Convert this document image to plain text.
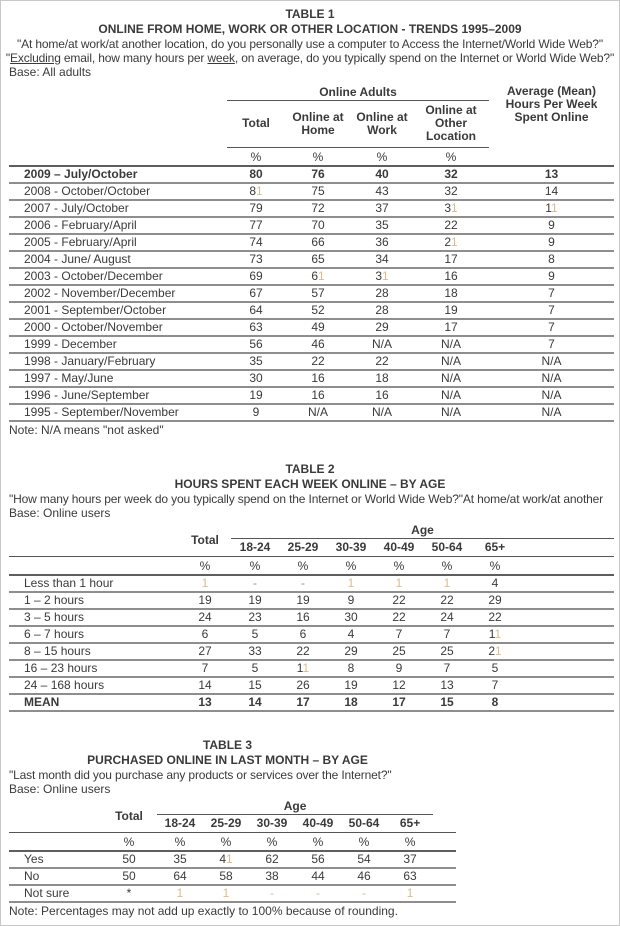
TABLE 1
ONLINE FROM HOME, WORK OR OTHER LOCATION - TRENDS 1995–2009
"At home/at work/at another location, do you personally use a computer to Access the Internet/World Wide Web?"
"Excluding email, how many hours per week, on average, do you typically spend on the Internet or World Wide Web?"
Base: All adults
	Online Adults				Average (Mean) Hours Per Week Spent Online
	Total	Online at Home	Online at Work	Online at Other Location	
	%	%	%	%	
2009 – July/October	80	76	40	32	13
2008 - October/October	81	75	43	32	14
2007 - July/October	79	72	37	31	11
2006 - February/April	77	70	35	22	9
2005 - February/April	74	66	36	21	9
2004 - June/ August	73	65	34	17	8
2003 - October/December	69	61	31	16	9
2002 - November/December	67	57	28	18	7
2001 - September/October	64	52	28	19	7
2000 - October/November	63	49	29	17	7
1999 - December	56	46	N/A	N/A	7
1998 - January/February	35	22	22	N/A	N/A
1997 - May/June	30	16	18	N/A	N/A
1996 - June/September	19	16	16	N/A	N/A
1995 - September/November	9	N/A	N/A	N/A	N/A
Note: N/A means "not asked"
TABLE 2
HOURS SPENT EACH WEEK ONLINE – BY AGE
"How many hours per week do you typically spend on the Internet or World Wide Web?"At home/at work/at another
Base: Online users
	Total	Age						
		18-24	25-29	30-39	40-49	50-64	65+	
	%	%	%	%	%	%	%	
Less than 1 hour	1	-	-	1	1	1	4	
1 – 2 hours	19	19	19	9	22	22	29	
3 – 5 hours	24	23	16	30	22	24	22	
6 – 7 hours	6	5	6	4	7	7	11	
8 – 15 hours	27	33	22	29	25	25	21	
16 – 23 hours	7	5	11	8	9	7	5	
24 – 168 hours	14	15	26	19	12	13	7	
MEAN	13	14	17	18	17	15	8	
TABLE 3
PURCHASED ONLINE IN LAST MONTH – BY AGE
"Last month did you purchase any products or services over the Internet?"
Base: Online users
	Total	Age						
		18-24	25-29	30-39	40-49	50-64	65+	
	%	%	%	%	%	%	%	
Yes	50	35	41	62	56	54	37	
No	50	64	58	38	44	46	63	
Not sure	*	1	1	-	-	-	1	
Note: Percentages may not add up exactly to 100% because of rounding.
